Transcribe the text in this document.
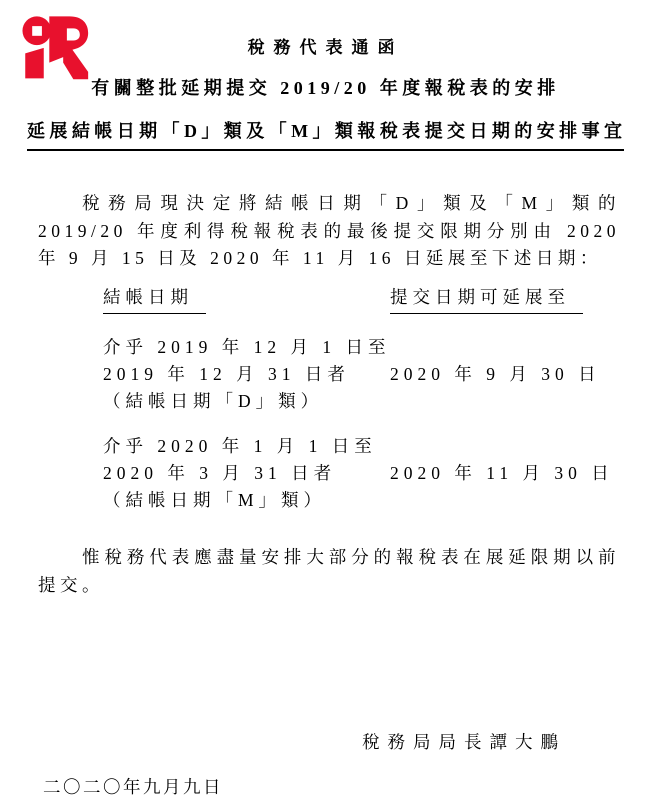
稅務代表通函
有關整批延期提交 2019/20 年度報稅表的安排
延展結帳日期「D」類及「M」類報稅表提交日期的安排事宜

稅務局現決定將結帳日期「D」類及「M」類的 2019/20 年度利得稅報稅表的最後提交限期分別由 2020 年 9 月 15 日及 2020 年 11 月 16 日延展至下述日期：

結帳日期	提交日期可延展至
介乎 2019 年 12 月 1 日至
2019 年 12 月 31 日者
（結帳日期「D」類）
2020 年 9 月 30 日
介乎 2020 年 1 月 1 日至
2020 年 3 月 31 日者
（結帳日期「M」類）
2020 年 11 月 30 日

惟稅務代表應盡量安排大部分的報稅表在展延限期以前提交。

稅務局局長譚大鵬
二〇二〇年九月九日
